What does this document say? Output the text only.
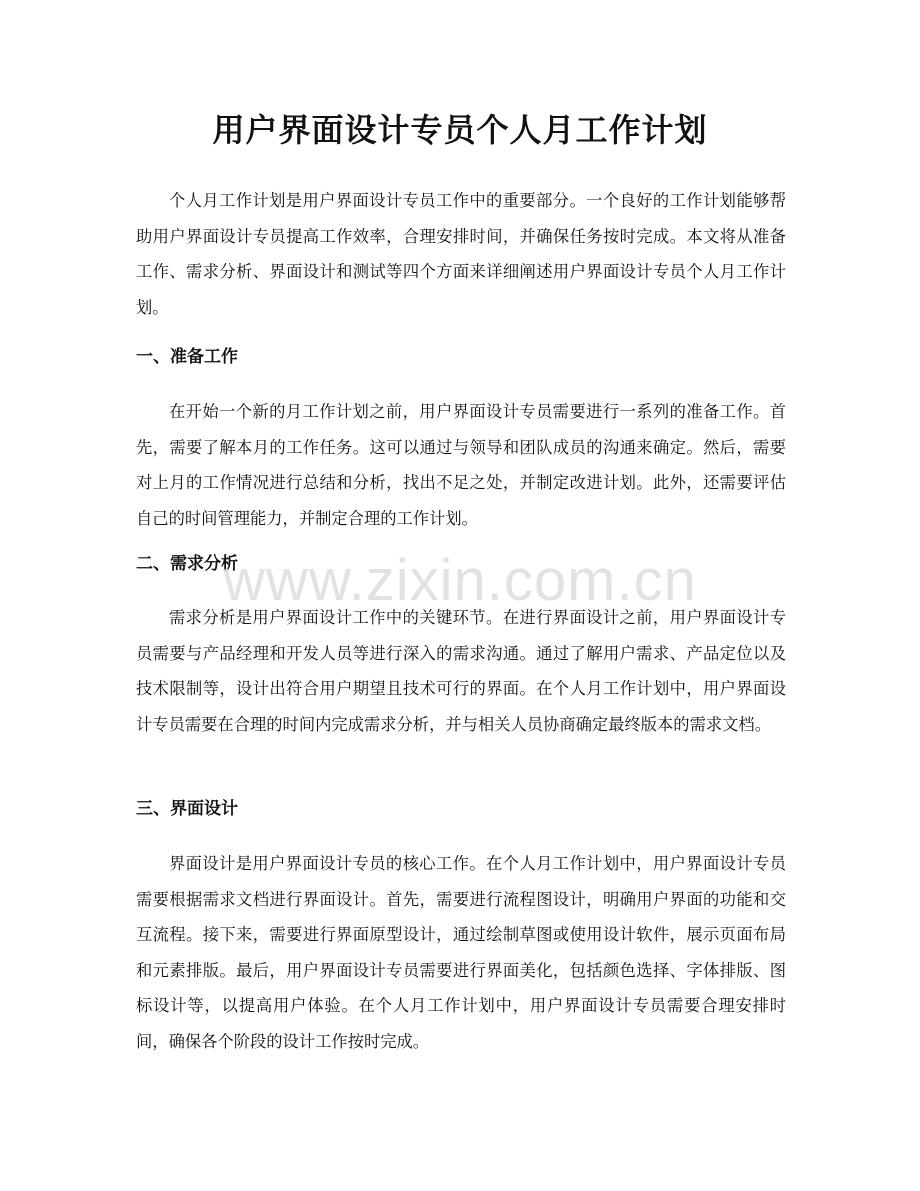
用户界面设计专员个人月工作计划
个人月工作计划是用户界面设计专员工作中的重要部分。一个良好的工作计划能够帮助用户界面设计专员提高工作效率，合理安排时间，并确保任务按时完成。本文将从准备工作、需求分析、界面设计和测试等四个方面来详细阐述用户界面设计专员个人月工作计划。
一、准备工作
在开始一个新的月工作计划之前，用户界面设计专员需要进行一系列的准备工作。首先，需要了解本月的工作任务。这可以通过与领导和团队成员的沟通来确定。然后，需要对上月的工作情况进行总结和分析，找出不足之处，并制定改进计划。此外，还需要评估自己的时间管理能力，并制定合理的工作计划。
二、需求分析
需求分析是用户界面设计工作中的关键环节。在进行界面设计之前，用户界面设计专员需要与产品经理和开发人员等进行深入的需求沟通。通过了解用户需求、产品定位以及技术限制等，设计出符合用户期望且技术可行的界面。在个人月工作计划中，用户界面设计专员需要在合理的时间内完成需求分析，并与相关人员协商确定最终版本的需求文档。
三、界面设计
界面设计是用户界面设计专员的核心工作。在个人月工作计划中，用户界面设计专员需要根据需求文档进行界面设计。首先，需要进行流程图设计，明确用户界面的功能和交互流程。接下来，需要进行界面原型设计，通过绘制草图或使用设计软件，展示页面布局和元素排版。最后，用户界面设计专员需要进行界面美化，包括颜色选择、字体排版、图标设计等，以提高用户体验。在个人月工作计划中，用户界面设计专员需要合理安排时间，确保各个阶段的设计工作按时完成。
www.zixin.com.cn
